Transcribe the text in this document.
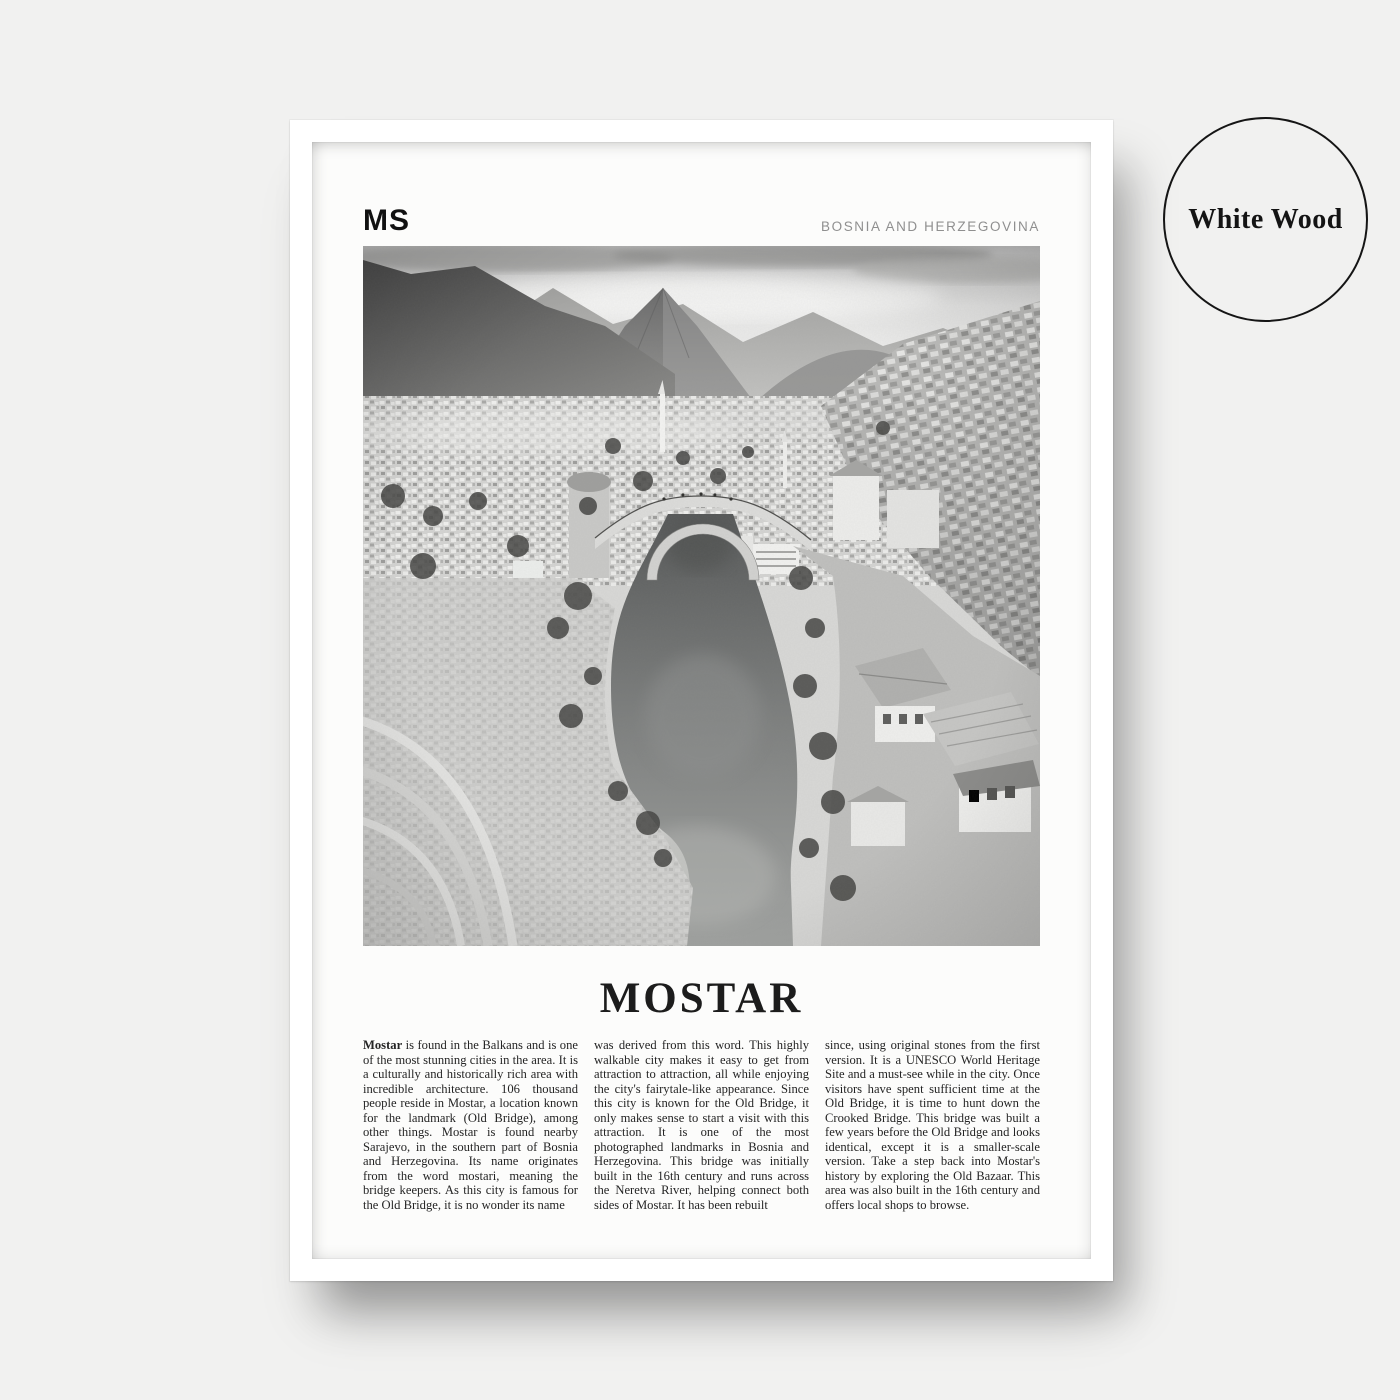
MS	BOSNIA AND HERZEGOVINA
MOSTAR

Mostar is found in the Balkans and is one of the most stunning cities in the area. It is a culturally and historically rich area with incredible architecture. 106 thousand people reside in Mostar, a location known for the landmark (Old Bridge), among other things. Mostar is found nearby Sarajevo, in the southern part of Bosnia and Herzegovina. Its name originates from the word mostari, meaning the bridge keepers. As this city is famous for the Old Bridge, it is no wonder its name

was derived from this word. This highly walkable city makes it easy to get from attraction to attraction, all while enjoying the city's fairytale-like appearance. Since this city is known for the Old Bridge, it only makes sense to start a visit with this attraction. It is one of the most photographed landmarks in Bosnia and Herzegovina. This bridge was initially built in the 16th century and runs across the Neretva River, helping connect both sides of Mostar. It has been rebuilt

since, using original stones from the first version. It is a UNESCO World Heritage Site and a must-see while in the city. Once visitors have spent sufficient time at the Old Bridge, it is time to hunt down the Crooked Bridge. This bridge was built a few years before the Old Bridge and looks identical, except it is a smaller-scale version. Take a step back into Mostar's history by exploring the Old Bazaar. This area was also built in the 16th century and offers local shops to browse.

White Wood
